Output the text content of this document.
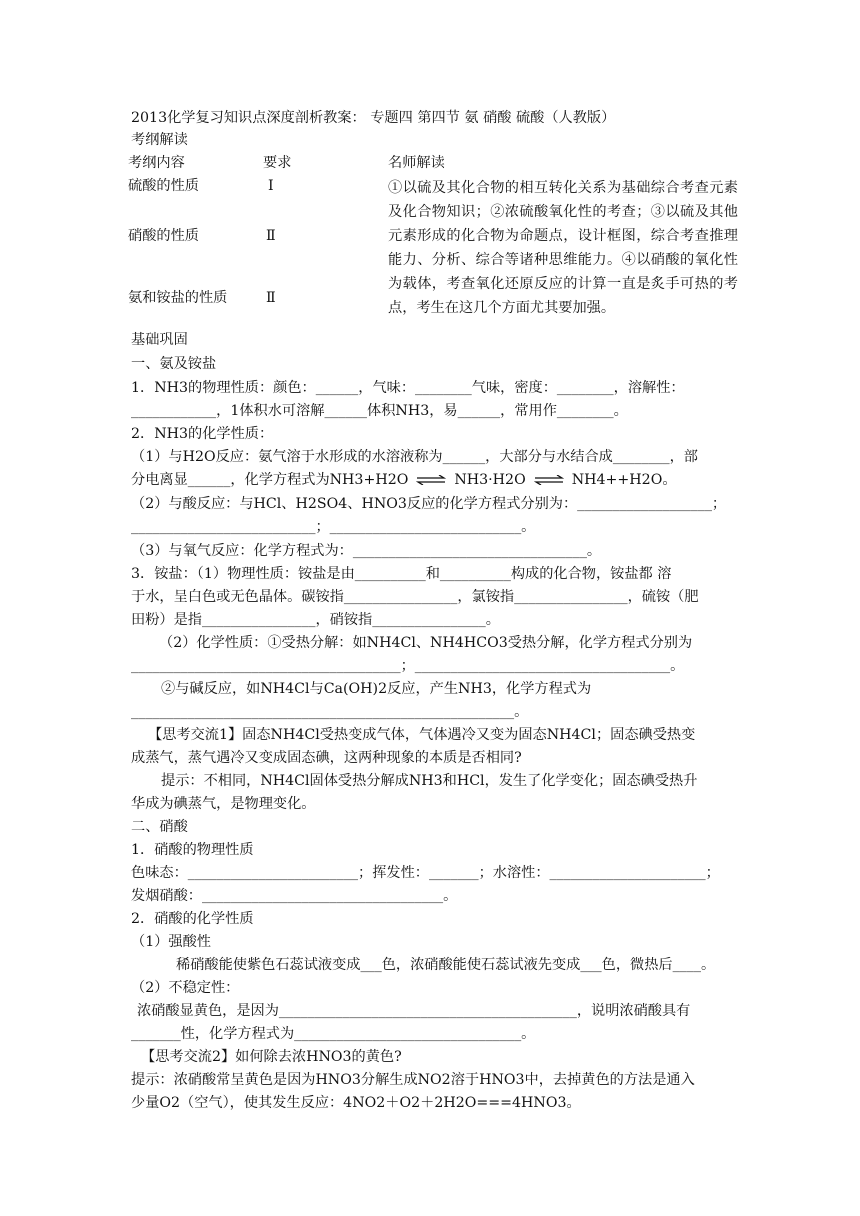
2013化学复习知识点深度剖析教案： 专题四 第四节 氨 硝酸 硫酸（人教版）
考纲解读
考纲内容	要求	名师解读
硫酸的性质	Ⅰ
硝酸的性质	Ⅱ
氨和铵盐的性质	Ⅱ
①以硫及其化合物的相互转化关系为基础综合考查元素及化合物知识；②浓硫酸氧化性的考查；③以硫及其他元素形成的化合物为命题点，设计框图，综合考查推理能力、分析、综合等诸种思维能力。④以硝酸的氧化性为载体，考查氧化还原反应的计算一直是炙手可热的考点，考生在这几个方面尤其要加强。
基础巩固
一、氨及铵盐
1．NH3的物理性质：颜色：______，气味：________气味，密度：________，溶解性：
____________，1体积水可溶解______体积NH3，易______，常用作________。
2．NH3的化学性质：
（1）与H2O反应：氨气溶于水形成的水溶液称为______，大部分与水结合成________，部
分电离显______，化学方程式为NH3+H2O ⇌ NH3·H2O ⇌ NH4++H2O。
（2）与酸反应：与HCl、H2SO4、HNO3反应的化学方程式分别为：___________________；
__________________________；___________________________。
（3）与氧气反应：化学方程式为：_________________________________。
3．铵盐：（1）物理性质：铵盐是由__________和__________构成的化合物，铵盐都 溶
于水，呈白色或无色晶体。碳铵指________________，氯铵指________________，硫铵（肥
田粉）是指________________，硝铵指________________。
（2）化学性质：①受热分解：如NH4Cl、NH4HCO3受热分解，化学方程式分别为
______________________________________；____________________________________。
②与碱反应，如NH4Cl与Ca(OH)2反应，产生NH3，化学方程式为
______________________________________________________。
【思考交流1】固态NH4Cl受热变成气体，气体遇冷又变为固态NH4Cl；固态碘受热变
成蒸气，蒸气遇冷又变成固态碘，这两种现象的本质是否相同?
提示：不相同，NH4Cl固体受热分解成NH3和HCl，发生了化学变化；固态碘受热升
华成为碘蒸气，是物理变化。
二、硝酸
1．硝酸的物理性质
色味态：________________________；挥发性：_______；水溶性：______________________；
发烟硝酸：__________________________________。
2．硝酸的化学性质
（1）强酸性
稀硝酸能使紫色石蕊试液变成___色，浓硝酸能使石蕊试液先变成___色，微热后____。
（2）不稳定性：
浓硝酸显黄色，是因为__________________________________________，说明浓硝酸具有
_______性，化学方程式为________________________________。
【思考交流2】如何除去浓HNO3的黄色?
提示：浓硝酸常呈黄色是因为HNO3分解生成NO2溶于HNO3中，去掉黄色的方法是通入
少量O2（空气），使其发生反应：4NO2＋O2＋2H2O===4HNO3。
